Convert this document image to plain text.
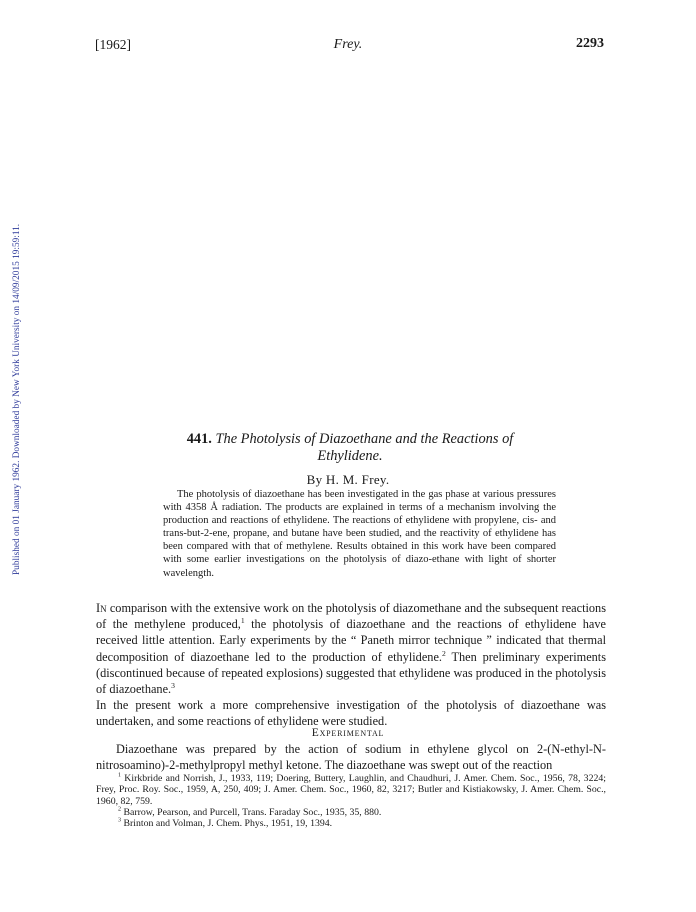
[1962]	Frey.	2293
Published on 01 January 1962. Downloaded by New York University on 14/09/2015 19:59:11.	441. The Photolysis of Diazoethane and the Reactions of
Ethylidene.
By H. M. Frey.

The photolysis of diazoethane has been investigated in the gas phase at various pressures with 4358 Å radiation. The products are explained in terms of a mechanism involving the production and reactions of ethylidene. The reactions of ethylidene with propylene, cis- and trans-but-2-ene, propane, and butane have been studied, and the reactivity of ethylidene has been compared with that of methylene. Results obtained in this work have been compared with some earlier investigations on the photolysis of diazo-ethane with light of shorter wavelength.

In comparison with the extensive work on the photolysis of diazomethane and the subsequent reactions of the methylene produced,$^1$ the photolysis of diazoethane and the reactions of ethylidene have received little attention. Early experiments by the “ Paneth mirror technique ” indicated that thermal decomposition of diazoethane led to the production of ethylidene.$^2$ Then preliminary experiments (discontinued because of repeated explosions) suggested that ethylidene was produced in the photolysis of diazoethane.$^3$

In the present work a more comprehensive investigation of the photolysis of diazoethane was undertaken, and some reactions of ethylidene were studied.

Experimental

Diazoethane was prepared by the action of sodium in ethylene glycol on 2-(N-ethyl-N-nitrosoamino)-2-methylpropyl methyl ketone. The diazoethane was swept out of the reaction

$^1$ Kirkbride and Norrish, J., 1933, 119; Doering, Buttery, Laughlin, and Chaudhuri, J. Amer. Chem. Soc., 1956, 78, 3224; Frey, Proc. Roy. Soc., 1959, A, 250, 409; J. Amer. Chem. Soc., 1960, 82, 3217; Butler and Kistiakowsky, J. Amer. Chem. Soc., 1960, 82, 759.

$^2$ Barrow, Pearson, and Purcell, Trans. Faraday Soc., 1935, 35, 880.

$^3$ Brinton and Volman, J. Chem. Phys., 1951, 19, 1394.
